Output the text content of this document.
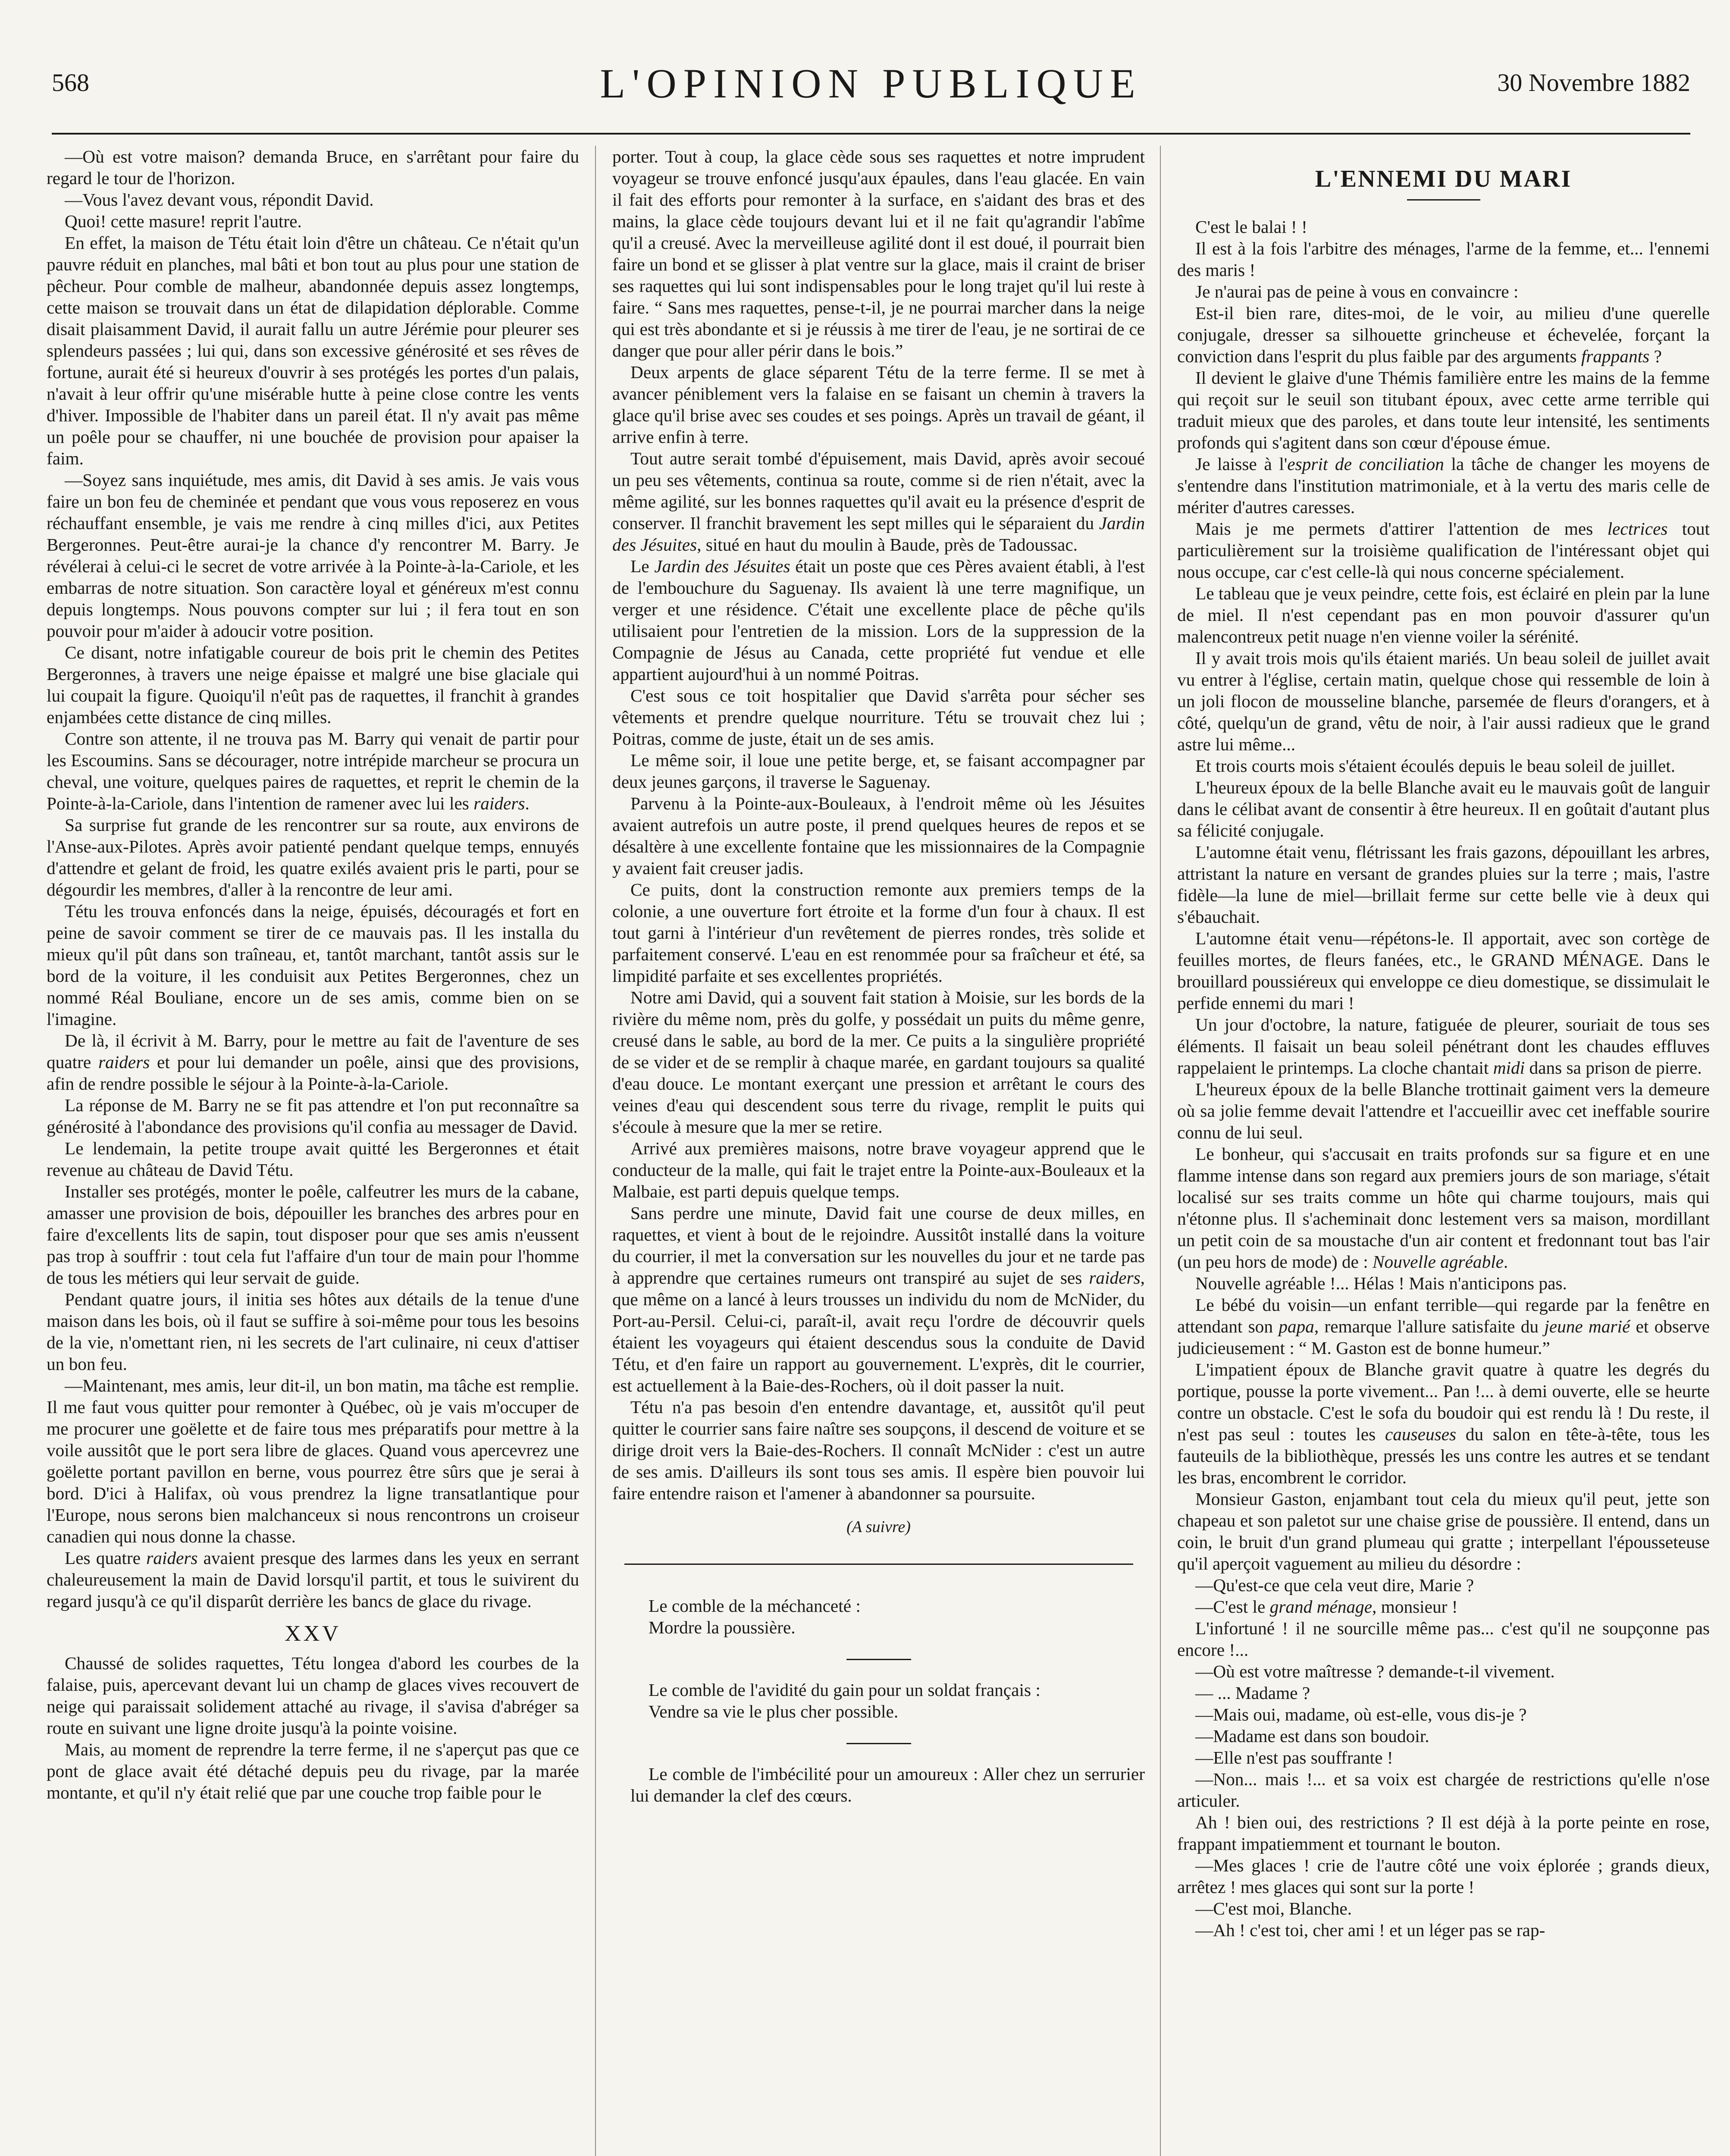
568	L'OPINION PUBLIQUE	30 Novembre 1882

—Où est votre maison? demanda Bruce, en s'arrêtant pour faire du regard le tour de l'horizon.

—Vous l'avez devant vous, répondit David.

Quoi! cette masure! reprit l'autre.

En effet, la maison de Tétu était loin d'être un château. Ce n'était qu'un pauvre réduit en planches, mal bâti et bon tout au plus pour une station de pêcheur. Pour comble de malheur, abandonnée depuis assez longtemps, cette maison se trouvait dans un état de dilapidation déplorable. Comme disait plaisamment David, il aurait fallu un autre Jérémie pour pleurer ses splendeurs passées ; lui qui, dans son excessive générosité et ses rêves de fortune, aurait été si heureux d'ouvrir à ses protégés les portes d'un palais, n'avait à leur offrir qu'une misérable hutte à peine close contre les vents d'hiver. Impossible de l'habiter dans un pareil état. Il n'y avait pas même un poêle pour se chauffer, ni une bouchée de provision pour apaiser la faim.

—Soyez sans inquiétude, mes amis, dit David à ses amis. Je vais vous faire un bon feu de cheminée et pendant que vous vous reposerez en vous réchauffant ensemble, je vais me rendre à cinq milles d'ici, aux Petites Bergeronnes. Peut-être aurai-je la chance d'y rencontrer M. Barry. Je révélerai à celui-ci le secret de votre arrivée à la Pointe-à-la-Cariole, et les embarras de notre situation. Son caractère loyal et généreux m'est connu depuis longtemps. Nous pouvons compter sur lui ; il fera tout en son pouvoir pour m'aider à adoucir votre position.

Ce disant, notre infatigable coureur de bois prit le chemin des Petites Bergeronnes, à travers une neige épaisse et malgré une bise glaciale qui lui coupait la figure. Quoiqu'il n'eût pas de raquettes, il franchit à grandes enjambées cette distance de cinq milles.

Contre son attente, il ne trouva pas M. Barry qui venait de partir pour les Escoumins. Sans se décourager, notre intrépide marcheur se procura un cheval, une voiture, quelques paires de raquettes, et reprit le chemin de la Pointe-à-la-Cariole, dans l'intention de ramener avec lui les raiders.

Sa surprise fut grande de les rencontrer sur sa route, aux environs de l'Anse-aux-Pilotes. Après avoir patienté pendant quelque temps, ennuyés d'attendre et gelant de froid, les quatre exilés avaient pris le parti, pour se dégourdir les membres, d'aller à la rencontre de leur ami.

Tétu les trouva enfoncés dans la neige, épuisés, découragés et fort en peine de savoir comment se tirer de ce mauvais pas. Il les installa du mieux qu'il pût dans son traîneau, et, tantôt marchant, tantôt assis sur le bord de la voiture, il les conduisit aux Petites Bergeronnes, chez un nommé Réal Bouliane, encore un de ses amis, comme bien on se l'imagine.

De là, il écrivit à M. Barry, pour le mettre au fait de l'aventure de ses quatre raiders et pour lui demander un poêle, ainsi que des provisions, afin de rendre possible le séjour à la Pointe-à-la-Cariole.

La réponse de M. Barry ne se fit pas attendre et l'on put reconnaître sa générosité à l'abondance des provisions qu'il confia au messager de David.

Le lendemain, la petite troupe avait quitté les Bergeronnes et était revenue au château de David Tétu.

Installer ses protégés, monter le poêle, calfeutrer les murs de la cabane, amasser une provision de bois, dépouiller les branches des arbres pour en faire d'excellents lits de sapin, tout disposer pour que ses amis n'eussent pas trop à souffrir : tout cela fut l'affaire d'un tour de main pour l'homme de tous les métiers qui leur servait de guide.

Pendant quatre jours, il initia ses hôtes aux détails de la tenue d'une maison dans les bois, où il faut se suffire à soi-même pour tous les besoins de la vie, n'omettant rien, ni les secrets de l'art culinaire, ni ceux d'attiser un bon feu.

—Maintenant, mes amis, leur dit-il, un bon matin, ma tâche est remplie. Il me faut vous quitter pour remonter à Québec, où je vais m'occuper de me procurer une goëlette et de faire tous mes préparatifs pour mettre à la voile aussitôt que le port sera libre de glaces. Quand vous apercevrez une goëlette portant pavillon en berne, vous pourrez être sûrs que je serai à bord. D'ici à Halifax, où vous prendrez la ligne transatlantique pour l'Europe, nous serons bien malchanceux si nous rencontrons un croiseur canadien qui nous donne la chasse.

Les quatre raiders avaient presque des larmes dans les yeux en serrant chaleureusement la main de David lorsqu'il partit, et tous le suivirent du regard jusqu'à ce qu'il disparût derrière les bancs de glace du rivage.

XXV

Chaussé de solides raquettes, Tétu longea d'abord les courbes de la falaise, puis, apercevant devant lui un champ de glaces vives recouvert de neige qui paraissait solidement attaché au rivage, il s'avisa d'abréger sa route en suivant une ligne droite jusqu'à la pointe voisine.

Mais, au moment de reprendre la terre ferme, il ne s'aperçut pas que ce pont de glace avait été détaché depuis peu du rivage, par la marée montante, et qu'il n'y était relié que par une couche trop faible pour le

porter. Tout à coup, la glace cède sous ses raquettes et notre imprudent voyageur se trouve enfoncé jusqu'aux épaules, dans l'eau glacée. En vain il fait des efforts pour remonter à la surface, en s'aidant des bras et des mains, la glace cède toujours devant lui et il ne fait qu'agrandir l'abîme qu'il a creusé. Avec la merveilleuse agilité dont il est doué, il pourrait bien faire un bond et se glisser à plat ventre sur la glace, mais il craint de briser ses raquettes qui lui sont indispensables pour le long trajet qu'il lui reste à faire. “ Sans mes raquettes, pense-t-il, je ne pourrai marcher dans la neige qui est très abondante et si je réussis à me tirer de l'eau, je ne sortirai de ce danger que pour aller périr dans le bois.”

Deux arpents de glace séparent Tétu de la terre ferme. Il se met à avancer péniblement vers la falaise en se faisant un chemin à travers la glace qu'il brise avec ses coudes et ses poings. Après un travail de géant, il arrive enfin à terre.

Tout autre serait tombé d'épuisement, mais David, après avoir secoué un peu ses vêtements, continua sa route, comme si de rien n'était, avec la même agilité, sur les bonnes raquettes qu'il avait eu la présence d'esprit de conserver. Il franchit bravement les sept milles qui le séparaient du Jardin des Jésuites, situé en haut du moulin à Baude, près de Tadoussac.

Le Jardin des Jésuites était un poste que ces Pères avaient établi, à l'est de l'embouchure du Saguenay. Ils avaient là une terre magnifique, un verger et une résidence. C'était une excellente place de pêche qu'ils utilisaient pour l'entretien de la mission. Lors de la suppression de la Compagnie de Jésus au Canada, cette propriété fut vendue et elle appartient aujourd'hui à un nommé Poitras.

C'est sous ce toit hospitalier que David s'arrêta pour sécher ses vêtements et prendre quelque nourriture. Tétu se trouvait chez lui ; Poitras, comme de juste, était un de ses amis.

Le même soir, il loue une petite berge, et, se faisant accompagner par deux jeunes garçons, il traverse le Saguenay.

Parvenu à la Pointe-aux-Bouleaux, à l'endroit même où les Jésuites avaient autrefois un autre poste, il prend quelques heures de repos et se désaltère à une excellente fontaine que les missionnaires de la Compagnie y avaient fait creuser jadis.

Ce puits, dont la construction remonte aux premiers temps de la colonie, a une ouverture fort étroite et la forme d'un four à chaux. Il est tout garni à l'intérieur d'un revêtement de pierres rondes, très solide et parfaitement conservé. L'eau en est renommée pour sa fraîcheur et été, sa limpidité parfaite et ses excellentes propriétés.

Notre ami David, qui a souvent fait station à Moisie, sur les bords de la rivière du même nom, près du golfe, y possédait un puits du même genre, creusé dans le sable, au bord de la mer. Ce puits a la singulière propriété de se vider et de se remplir à chaque marée, en gardant toujours sa qualité d'eau douce. Le montant exerçant une pression et arrêtant le cours des veines d'eau qui descendent sous terre du rivage, remplit le puits qui s'écoule à mesure que la mer se retire.

Arrivé aux premières maisons, notre brave voyageur apprend que le conducteur de la malle, qui fait le trajet entre la Pointe-aux-Bouleaux et la Malbaie, est parti depuis quelque temps.

Sans perdre une minute, David fait une course de deux milles, en raquettes, et vient à bout de le rejoindre. Aussitôt installé dans la voiture du courrier, il met la conversation sur les nouvelles du jour et ne tarde pas à apprendre que certaines rumeurs ont transpiré au sujet de ses raiders, que même on a lancé à leurs trousses un individu du nom de McNider, du Port-au-Persil. Celui-ci, paraît-il, avait reçu l'ordre de découvrir quels étaient les voyageurs qui étaient descendus sous la conduite de David Tétu, et d'en faire un rapport au gouvernement. L'exprès, dit le courrier, est actuellement à la Baie-des-Rochers, où il doit passer la nuit.

Tétu n'a pas besoin d'en entendre davantage, et, aussitôt qu'il peut quitter le courrier sans faire naître ses soupçons, il descend de voiture et se dirige droit vers la Baie-des-Rochers. Il connaît McNider : c'est un autre de ses amis. D'ailleurs ils sont tous ses amis. Il espère bien pouvoir lui faire entendre raison et l'amener à abandonner sa poursuite.

(A suivre)

Le comble de la méchanceté :

Mordre la poussière.

Le comble de l'avidité du gain pour un soldat français :

Vendre sa vie le plus cher possible.

Le comble de l'imbécilité pour un amoureux : Aller chez un serrurier lui demander la clef des cœurs.

L'ENNEMI DU MARI

C'est le balai ! !

Il est à la fois l'arbitre des ménages, l'arme de la femme, et... l'ennemi des maris !

Je n'aurai pas de peine à vous en convaincre :

Est-il bien rare, dites-moi, de le voir, au milieu d'une querelle conjugale, dresser sa silhouette grincheuse et échevelée, forçant la conviction dans l'esprit du plus faible par des arguments frappants ?

Il devient le glaive d'une Thémis familière entre les mains de la femme qui reçoit sur le seuil son titubant époux, avec cette arme terrible qui traduit mieux que des paroles, et dans toute leur intensité, les sentiments profonds qui s'agitent dans son cœur d'épouse émue.

Je laisse à l'esprit de conciliation la tâche de changer les moyens de s'entendre dans l'institution matrimoniale, et à la vertu des maris celle de mériter d'autres caresses.

Mais je me permets d'attirer l'attention de mes lectrices tout particulièrement sur la troisième qualification de l'intéressant objet qui nous occupe, car c'est celle-là qui nous concerne spécialement.

Le tableau que je veux peindre, cette fois, est éclairé en plein par la lune de miel. Il n'est cependant pas en mon pouvoir d'assurer qu'un malencontreux petit nuage n'en vienne voiler la sérénité.

Il y avait trois mois qu'ils étaient mariés. Un beau soleil de juillet avait vu entrer à l'église, certain matin, quelque chose qui ressemble de loin à un joli flocon de mousseline blanche, parsemée de fleurs d'orangers, et à côté, quelqu'un de grand, vêtu de noir, à l'air aussi radieux que le grand astre lui même...

Et trois courts mois s'étaient écoulés depuis le beau soleil de juillet.

L'heureux époux de la belle Blanche avait eu le mauvais goût de languir dans le célibat avant de consentir à être heureux. Il en goûtait d'autant plus sa félicité conjugale.

L'automne était venu, flétrissant les frais gazons, dépouillant les arbres, attristant la nature en versant de grandes pluies sur la terre ; mais, l'astre fidèle—la lune de miel—brillait ferme sur cette belle vie à deux qui s'ébauchait.

L'automne était venu—répétons-le. Il apportait, avec son cortège de feuilles mortes, de fleurs fanées, etc., le GRAND MÉNAGE. Dans le brouillard poussiéreux qui enveloppe ce dieu domestique, se dissimulait le perfide ennemi du mari !

Un jour d'octobre, la nature, fatiguée de pleurer, souriait de tous ses éléments. Il faisait un beau soleil pénétrant dont les chaudes effluves rappelaient le printemps. La cloche chantait midi dans sa prison de pierre.

L'heureux époux de la belle Blanche trottinait gaiment vers la demeure où sa jolie femme devait l'attendre et l'accueillir avec cet ineffable sourire connu de lui seul.

Le bonheur, qui s'accusait en traits profonds sur sa figure et en une flamme intense dans son regard aux premiers jours de son mariage, s'était localisé sur ses traits comme un hôte qui charme toujours, mais qui n'étonne plus. Il s'acheminait donc lestement vers sa maison, mordillant un petit coin de sa moustache d'un air content et fredonnant tout bas l'air (un peu hors de mode) de : Nouvelle agréable.

Nouvelle agréable !... Hélas ! Mais n'anticipons pas.

Le bébé du voisin—un enfant terrible—qui regarde par la fenêtre en attendant son papa, remarque l'allure satisfaite du jeune marié et observe judicieusement : “ M. Gaston est de bonne humeur.”

L'impatient époux de Blanche gravit quatre à quatre les degrés du portique, pousse la porte vivement... Pan !... à demi ouverte, elle se heurte contre un obstacle. C'est le sofa du boudoir qui est rendu là ! Du reste, il n'est pas seul : toutes les causeuses du salon en tête-à-tête, tous les fauteuils de la bibliothèque, pressés les uns contre les autres et se tendant les bras, encombrent le corridor.

Monsieur Gaston, enjambant tout cela du mieux qu'il peut, jette son chapeau et son paletot sur une chaise grise de poussière. Il entend, dans un coin, le bruit d'un grand plumeau qui gratte ; interpellant l'épousseteuse qu'il aperçoit vaguement au milieu du désordre :

—Qu'est-ce que cela veut dire, Marie ?

—C'est le grand ménage, monsieur !

L'infortuné ! il ne sourcille même pas... c'est qu'il ne soupçonne pas encore !...

—Où est votre maîtresse ? demande-t-il vivement.

— ... Madame ?

—Mais oui, madame, où est-elle, vous dis-je ?

—Madame est dans son boudoir.

—Elle n'est pas souffrante !

—Non... mais !... et sa voix est chargée de restrictions qu'elle n'ose articuler.

Ah ! bien oui, des restrictions ? Il est déjà à la porte peinte en rose, frappant impatiemment et tournant le bouton.

—Mes glaces ! crie de l'autre côté une voix éplorée ; grands dieux, arrêtez ! mes glaces qui sont sur la porte !

—C'est moi, Blanche.

—Ah ! c'est toi, cher ami ! et un léger pas se rap-
